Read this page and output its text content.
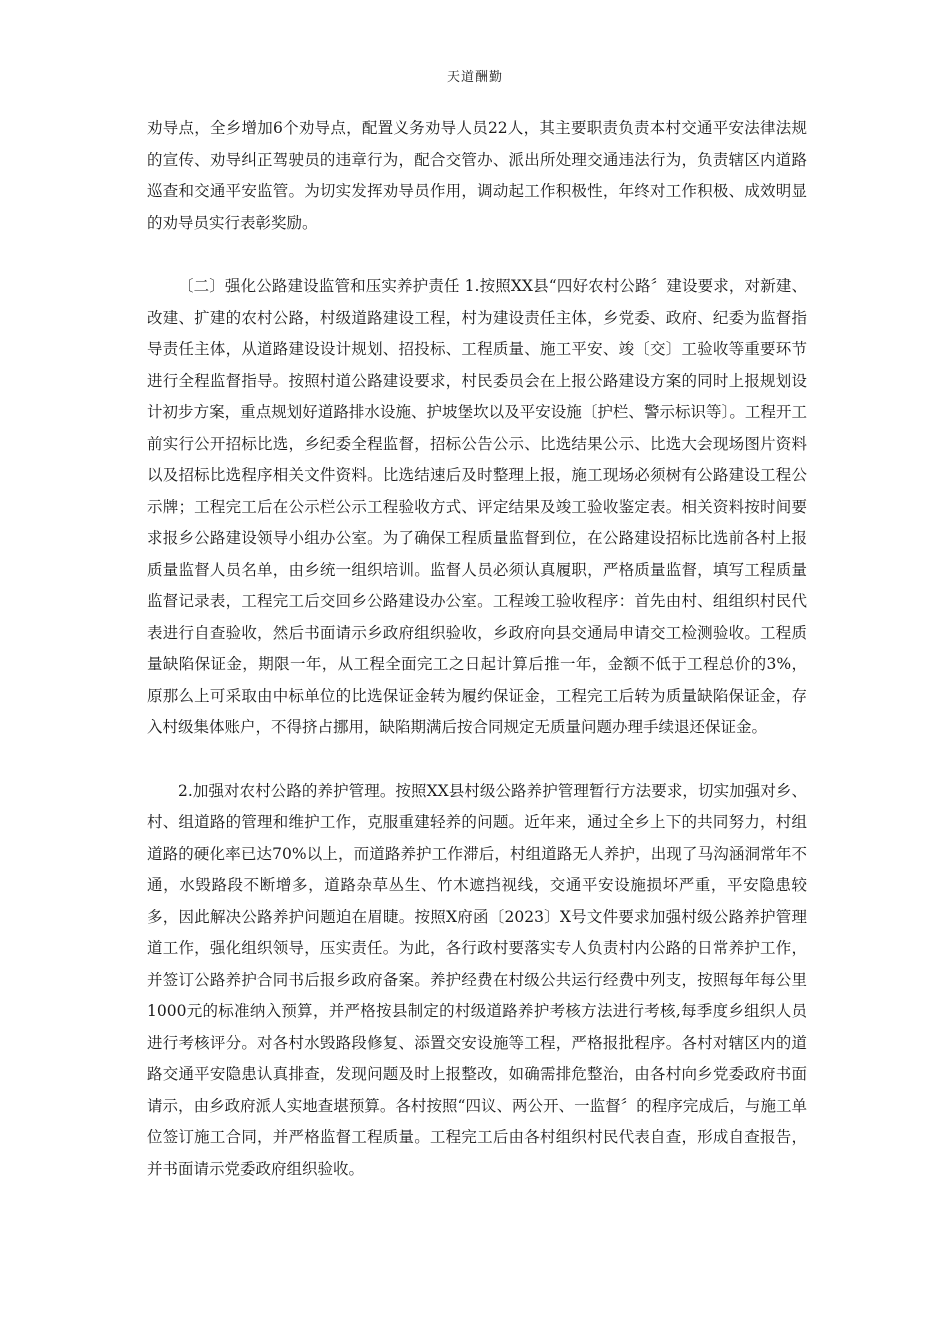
天道酬勤

劝导点，全乡增加6个劝导点，配置义务劝导人员22人，其主要职责负责本村交通平安法律法规的宣传、劝导纠正驾驶员的违章行为，配合交管办、派出所处理交通违法行为，负责辖区内道路巡查和交通平安监管。为切实发挥劝导员作用，调动起工作积极性，年终对工作积极、成效明显的劝导员实行表彰奖励。

〔二〕强化公路建设监管和压实养护责任 1.按照XX县“四好农村公路〞建设要求，对新建、改建、扩建的农村公路，村级道路建设工程，村为建设责任主体，乡党委、政府、纪委为监督指导责任主体，从道路建设设计规划、招投标、工程质量、施工平安、竣〔交〕工验收等重要环节进行全程监督指导。按照村道公路建设要求，村民委员会在上报公路建设方案的同时上报规划设计初步方案，重点规划好道路排水设施、护坡堡坎以及平安设施〔护栏、警示标识等〕。工程开工前实行公开招标比选，乡纪委全程监督，招标公告公示、比选结果公示、比选大会现场图片资料以及招标比选程序相关文件资料。比选结速后及时整理上报，施工现场必须树有公路建设工程公示牌；工程完工后在公示栏公示工程验收方式、评定结果及竣工验收鉴定表。相关资料按时间要求报乡公路建设领导小组办公室。为了确保工程质量监督到位，在公路建设招标比选前各村上报质量监督人员名单，由乡统一组织培训。监督人员必须认真履职，严格质量监督，填写工程质量监督记录表，工程完工后交回乡公路建设办公室。工程竣工验收程序：首先由村、组组织村民代表进行自查验收，然后书面请示乡政府组织验收，乡政府向县交通局申请交工检测验收。工程质量缺陷保证金，期限一年，从工程全面完工之日起计算后推一年，金额不低于工程总价的3%，原那么上可采取由中标单位的比选保证金转为履约保证金，工程完工后转为质量缺陷保证金，存入村级集体账户，不得挤占挪用，缺陷期满后按合同规定无质量问题办理手续退还保证金。

2.加强对农村公路的养护管理。按照XX县村级公路养护管理暂行方法要求，切实加强对乡、村、组道路的管理和维护工作，克服重建轻养的问题。近年来，通过全乡上下的共同努力，村组道路的硬化率已达70%以上，而道路养护工作滞后，村组道路无人养护，出现了马沟涵洞常年不通，水毁路段不断增多，道路杂草丛生、竹木遮挡视线，交通平安设施损坏严重，平安隐患较多，因此解决公路养护问题迫在眉睫。按照X府函〔2023〕X号文件要求加强村级公路养护管理道工作，强化组织领导，压实责任。为此，各行政村要落实专人负责村内公路的日常养护工作，并签订公路养护合同书后报乡政府备案。养护经费在村级公共运行经费中列支，按照每年每公里1000元的标准纳入预算，并严格按县制定的村级道路养护考核方法进行考核,每季度乡组织人员进行考核评分。对各村水毁路段修复、添置交安设施等工程，严格报批程序。各村对辖区内的道路交通平安隐患认真排查，发现问题及时上报整改，如确需排危整治，由各村向乡党委政府书面请示，由乡政府派人实地查堪预算。各村按照“四议、两公开、一监督〞的程序完成后，与施工单位签订施工合同，并严格监督工程质量。工程完工后由各村组织村民代表自查，形成自查报告，并书面请示党委政府组织验收。
